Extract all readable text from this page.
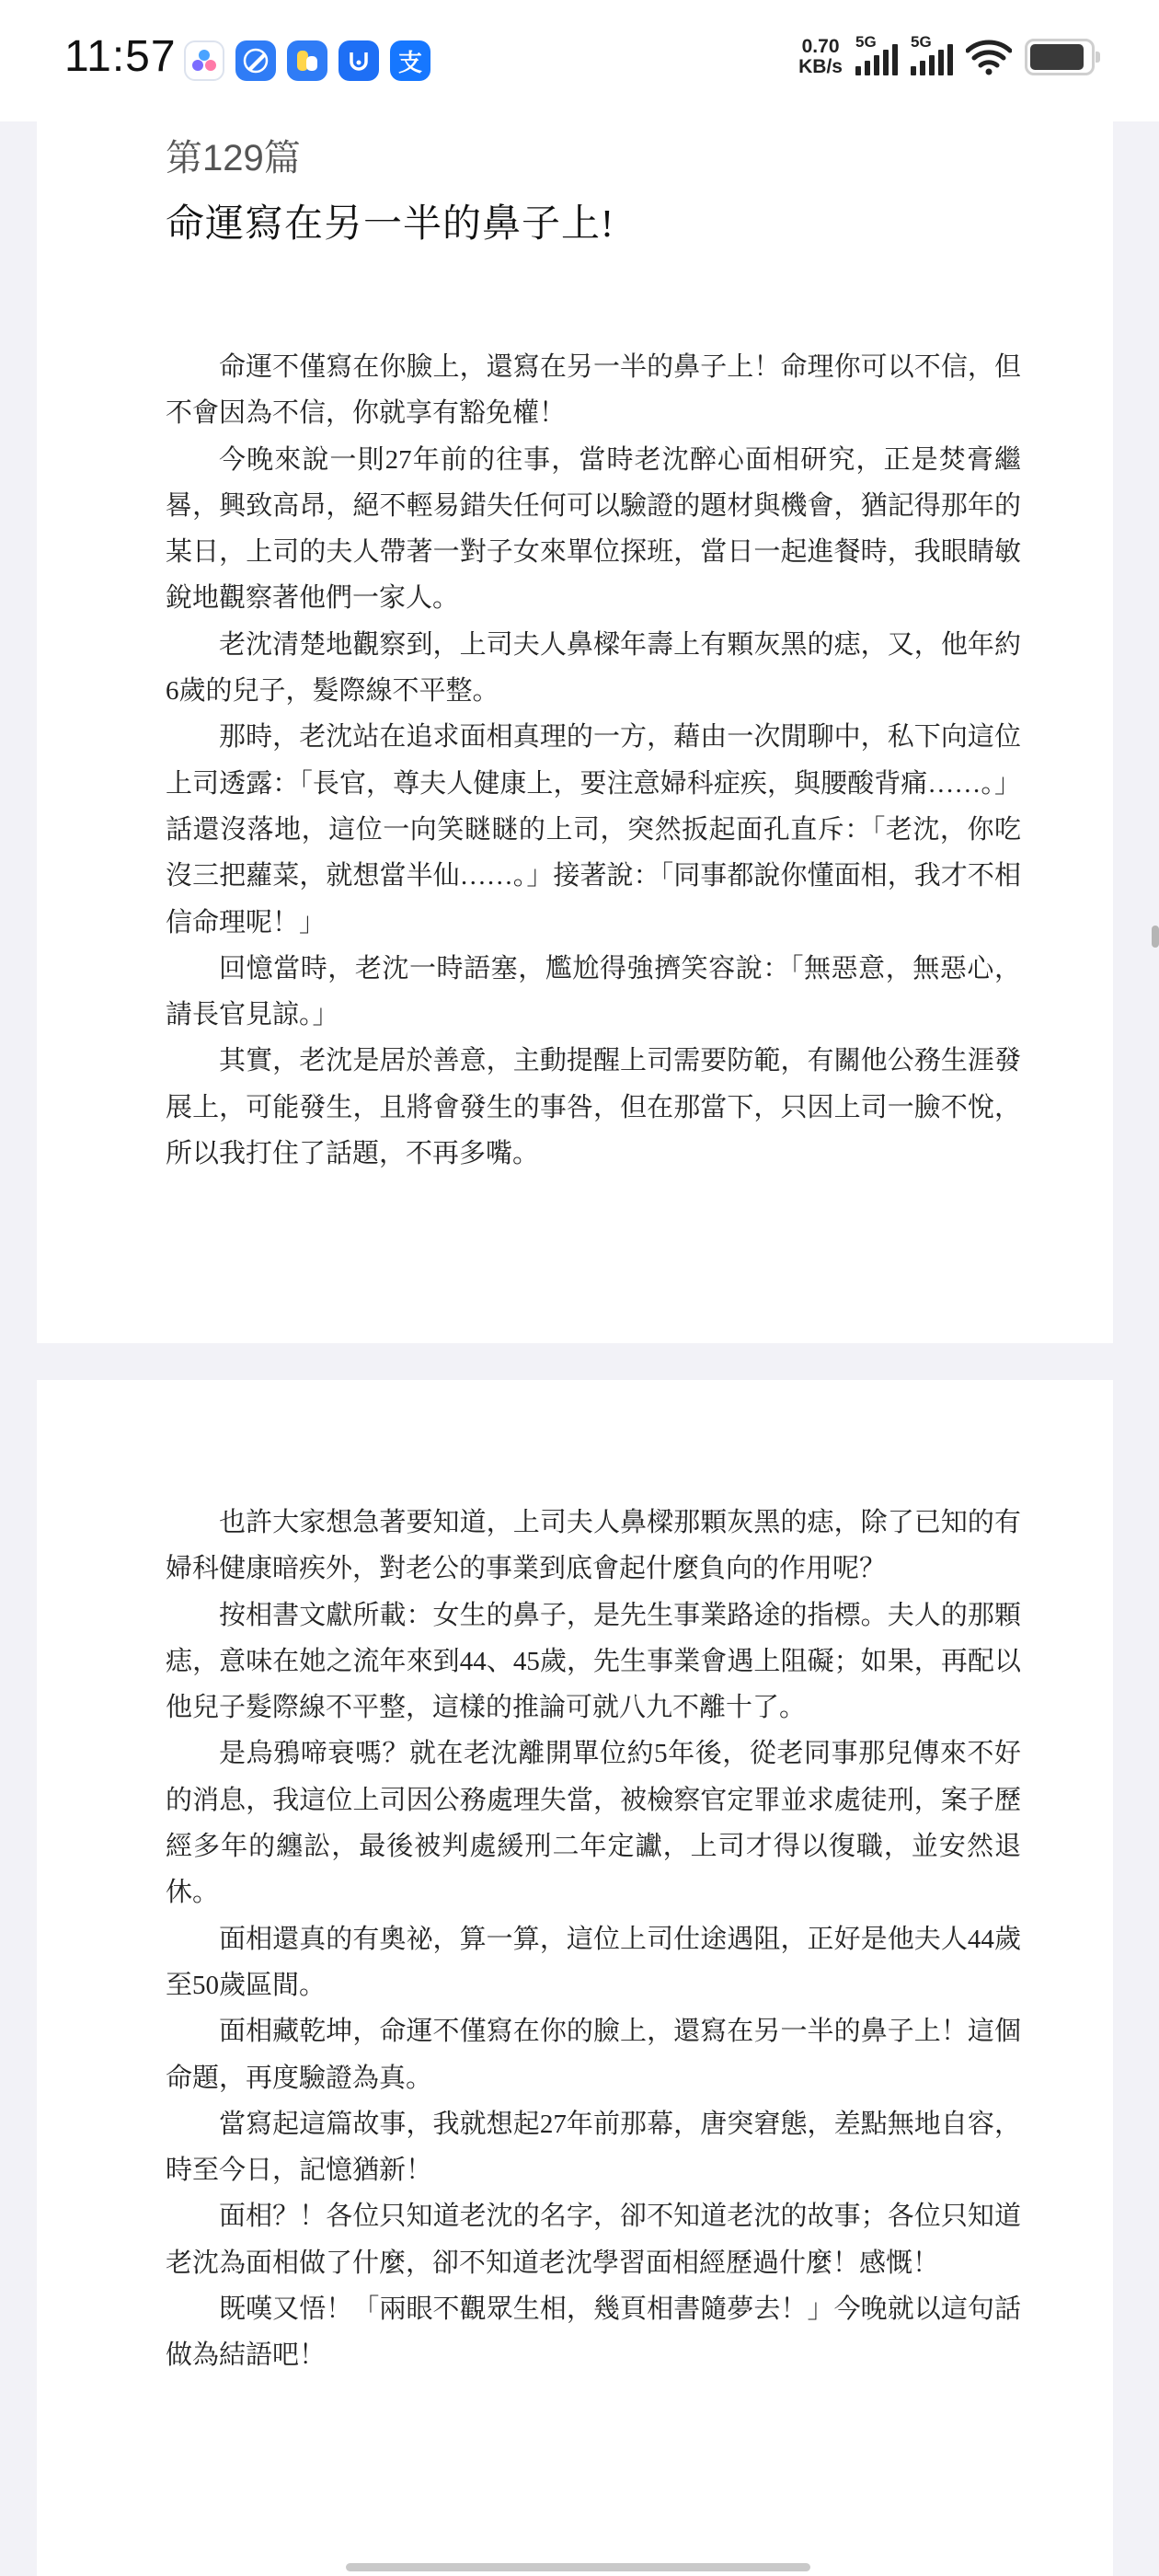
11:57	支
0.70
KB/s
5G 5G
第129篇
命運寫在另一半的鼻子上!

命運不僅寫在你臉上，還寫在另一半的鼻子上！命理你可以不信，但不會因為不信，你就享有豁免權！

今晚來說一則27年前的往事，當時老沈醉心面相研究，正是焚膏繼晷，興致高昂，絕不輕易錯失任何可以驗證的題材與機會，猶記得那年的某日，上司的夫人帶著一對子女來單位探班，當日一起進餐時，我眼睛敏銳地觀察著他們一家人。

老沈清楚地觀察到，上司夫人鼻樑年壽上有顆灰黑的痣，又，他年約6歲的兒子，髮際線不平整。

那時，老沈站在追求面相真理的一方，藉由一次閒聊中，私下向這位上司透露：「長官，尊夫人健康上，要注意婦科症疾，與腰酸背痛……。」話還沒落地，這位一向笑瞇瞇的上司，突然扳起面孔直斥：「老沈，你吃沒三把蘿菜，就想當半仙……。」接著說：「同事都說你懂面相，我才不相信命理呢！」

回憶當時，老沈一時語塞，尷尬得強擠笑容說：「無惡意，無惡心，請長官見諒。」

其實，老沈是居於善意，主動提醒上司需要防範，有關他公務生涯發展上，可能發生，且將會發生的事咎，但在那當下，只因上司一臉不悅，所以我打住了話題，不再多嘴。

也許大家想急著要知道，上司夫人鼻樑那顆灰黑的痣，除了已知的有婦科健康暗疾外，對老公的事業到底會起什麼負向的作用呢？

按相書文獻所載：女生的鼻子，是先生事業路途的指標。夫人的那顆痣，意味在她之流年來到44、45歲，先生事業會遇上阻礙；如果，再配以他兒子髮際線不平整，這樣的推論可就八九不離十了。

是烏鴉啼衰嗎？就在老沈離開單位約5年後，從老同事那兒傳來不好的消息，我這位上司因公務處理失當，被檢察官定罪並求處徒刑，案子歷經多年的纏訟，最後被判處緩刑二年定讞，上司才得以復職，並安然退休。

面相還真的有奧祕，算一算，這位上司仕途遇阻，正好是他夫人44歲至50歲區間。

面相藏乾坤，命運不僅寫在你的臉上，還寫在另一半的鼻子上！這個命題，再度驗證為真。

當寫起這篇故事，我就想起27年前那幕，唐突窘態，差點無地自容，時至今日，記憶猶新！

面相？！各位只知道老沈的名字，卻不知道老沈的故事；各位只知道老沈為面相做了什麼，卻不知道老沈學習面相經歷過什麼！感慨！

既嘆又悟！「兩眼不觀眾生相，幾頁相書隨夢去！」今晚就以這句話做為結語吧！
